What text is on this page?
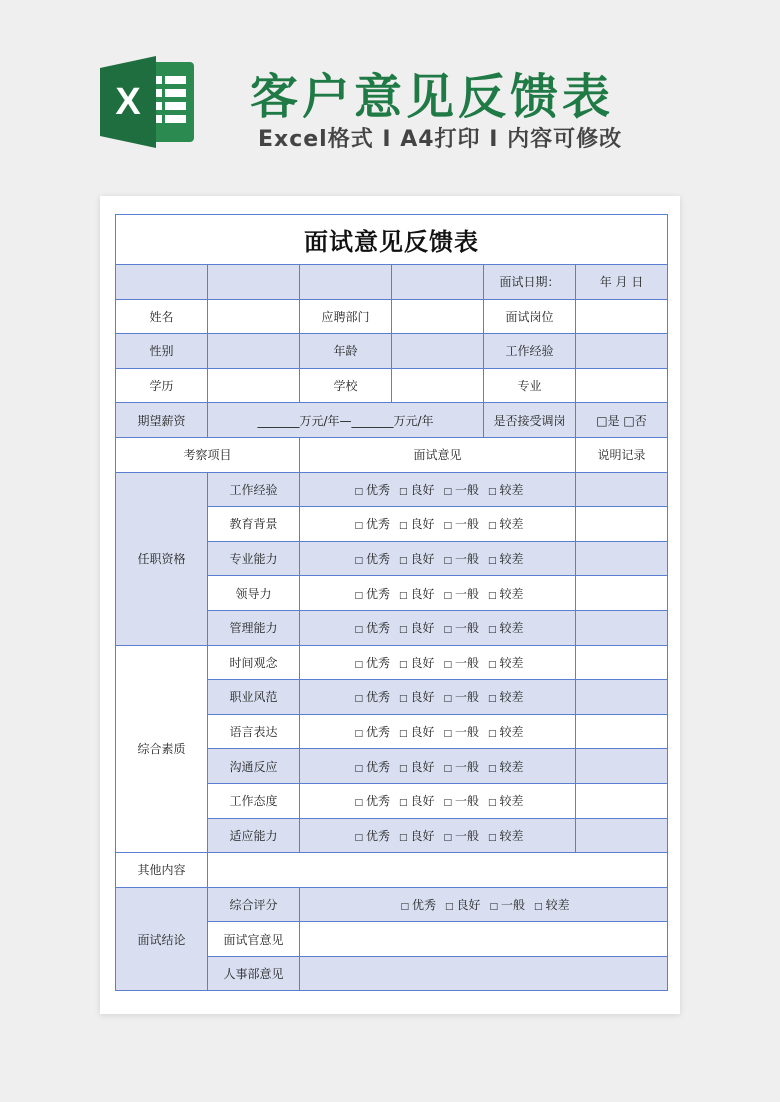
X 客户意见反馈表
Excel格式 I A4打印 I 内容可修改
面试意见反馈表					
				面试日期：	年 月 日
姓名		应聘部门		面试岗位	
性别		年龄		工作经验	
学历		学校		专业	
期望薪资	_______万元/年—_______万元/年			是否接受调岗	□是 □否
考察项目		面试意见			说明记录
任职资格	工作经验	□ 优秀 □ 良好 □ 一般 □ 较差			
	教育背景	□ 优秀 □ 良好 □ 一般 □ 较差			
	专业能力	□ 优秀 □ 良好 □ 一般 □ 较差			
	领导力	□ 优秀 □ 良好 □ 一般 □ 较差			
	管理能力	□ 优秀 □ 良好 □ 一般 □ 较差			
综合素质	时间观念	□ 优秀 □ 良好 □ 一般 □ 较差			
	职业风范	□ 优秀 □ 良好 □ 一般 □ 较差			
	语言表达	□ 优秀 □ 良好 □ 一般 □ 较差			
	沟通反应	□ 优秀 □ 良好 □ 一般 □ 较差			
	工作态度	□ 优秀 □ 良好 □ 一般 □ 较差			
	适应能力	□ 优秀 □ 良好 □ 一般 □ 较差			
其他内容					
面试结论	综合评分	□ 优秀 □ 良好 □ 一般 □ 较差			
	面试官意见				
	人事部意见				
